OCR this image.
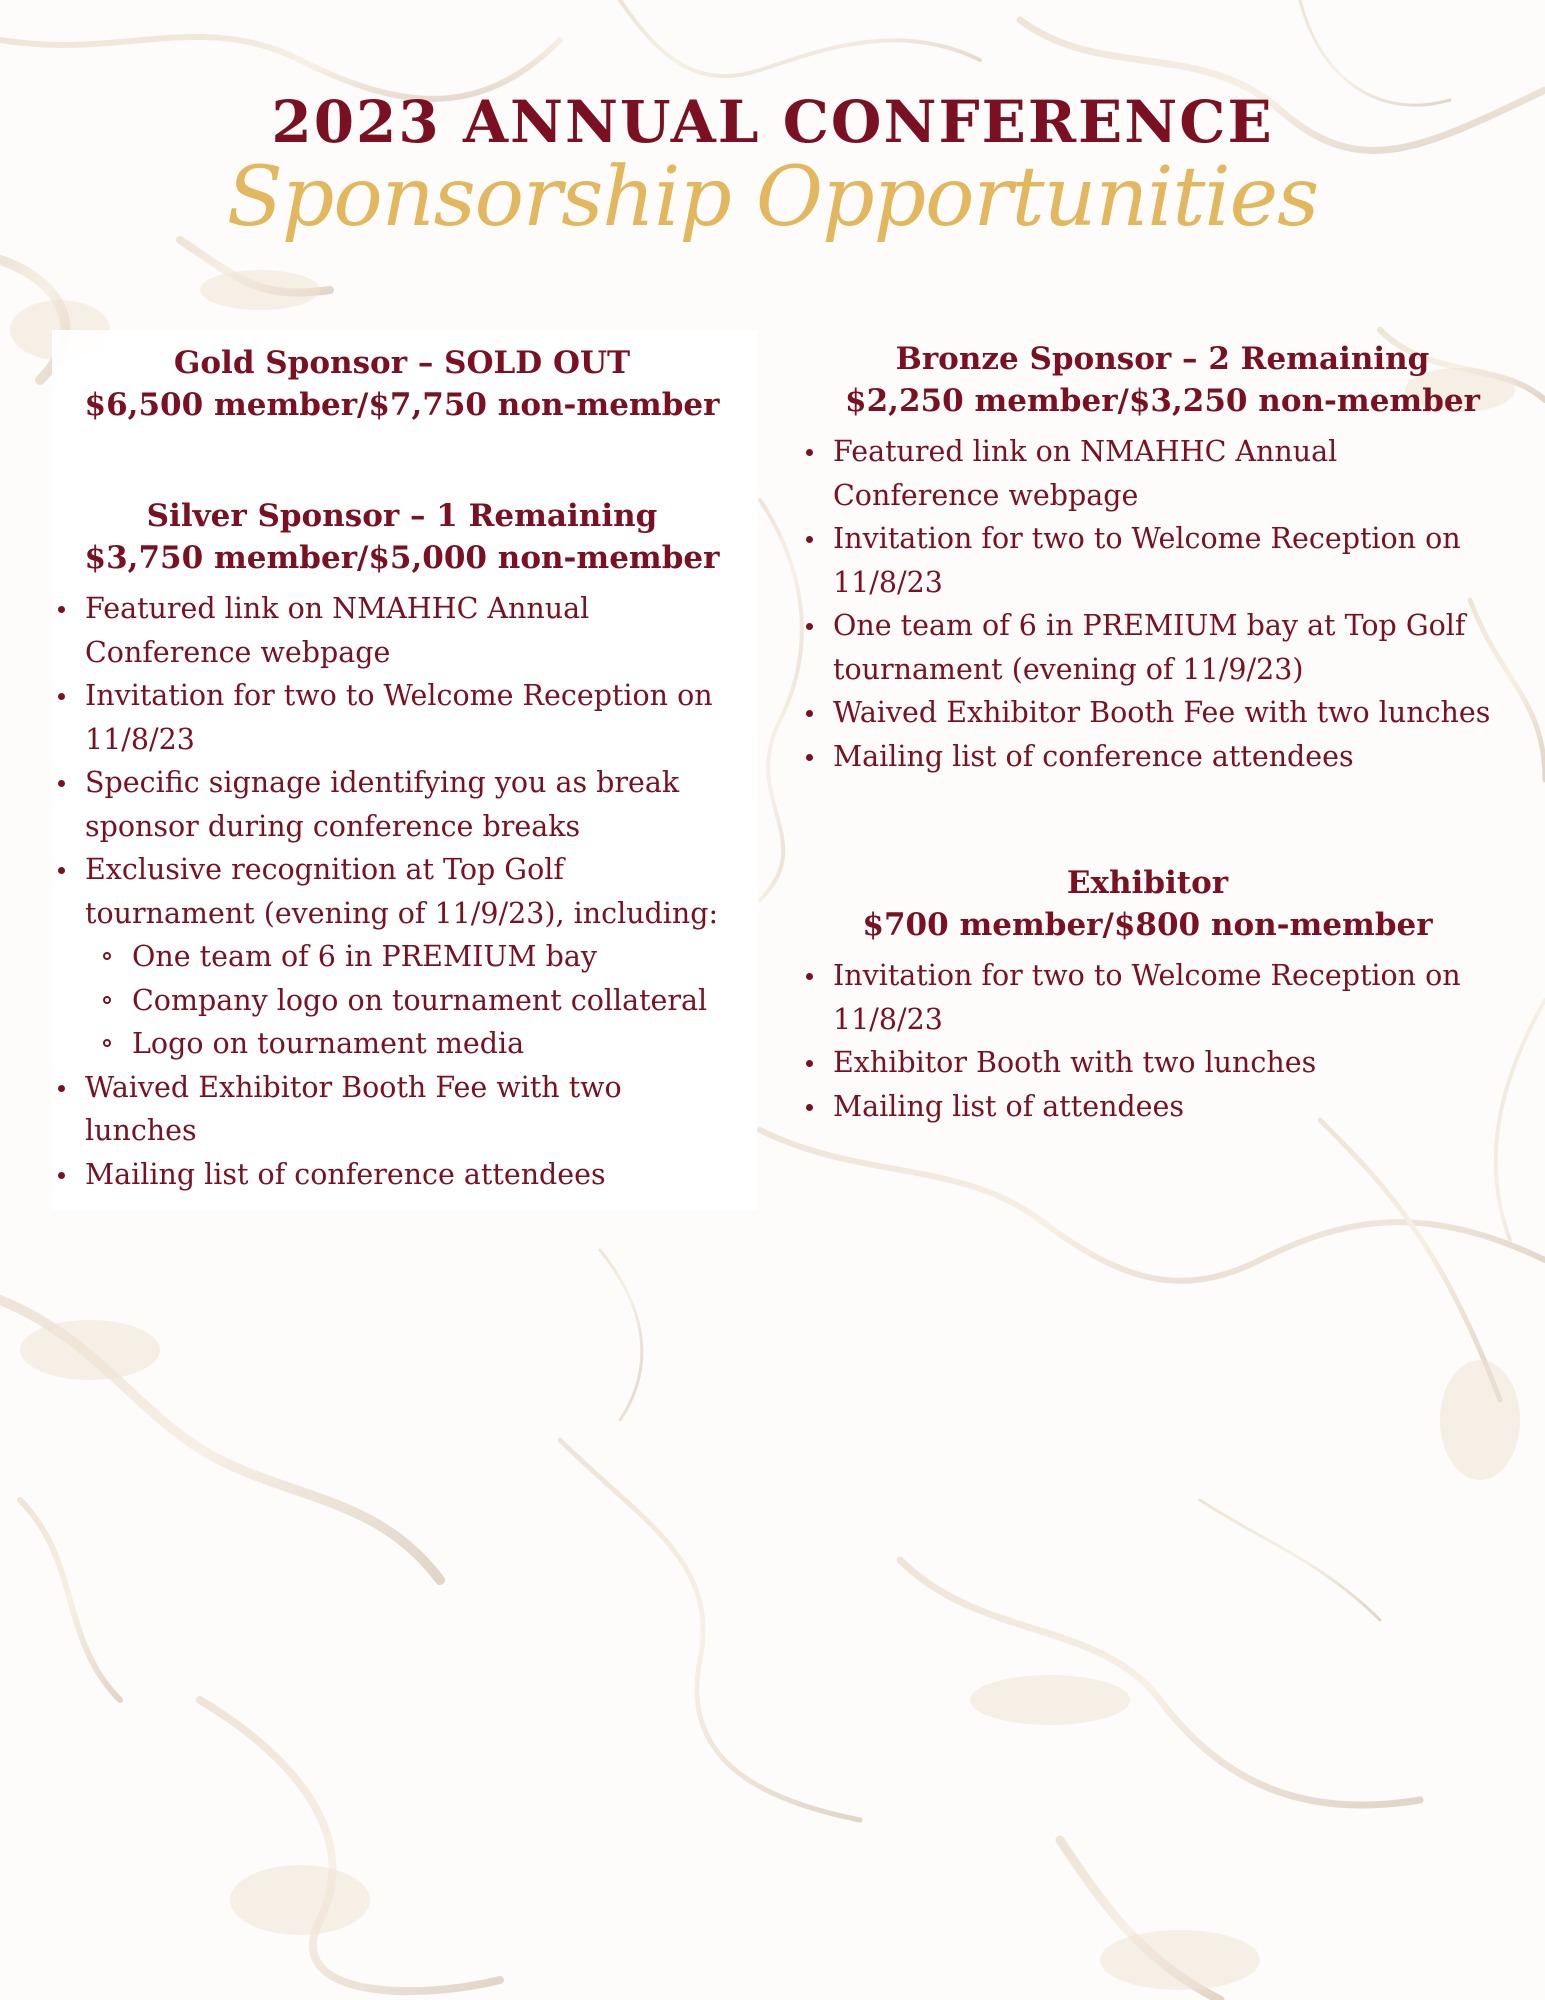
2023 ANNUAL CONFERENCE
Sponsorship Opportunities
Gold Sponsor – SOLD OUT
$6,500 member/$7,750 non-member
Silver Sponsor – 1 Remaining
$3,750 member/$5,000 non-member
Featured link on NMAHHC Annual
Conference webpage
Invitation for two to Welcome Reception on
11/8/23
Specific signage identifying you as break
sponsor during conference breaks
Exclusive recognition at Top Golf
tournament (evening of 11/9/23), including:
One team of 6 in PREMIUM bay
Company logo on tournament collateral
Logo on tournament media
Waived Exhibitor Booth Fee with two
lunches
Mailing list of conference attendees
Bronze Sponsor – 2 Remaining
$2,250 member/$3,250 non-member
Featured link on NMAHHC Annual
Conference webpage
Invitation for two to Welcome Reception on
11/8/23
One team of 6 in PREMIUM bay at Top Golf
tournament (evening of 11/9/23)
Waived Exhibitor Booth Fee with two lunches
Mailing list of conference attendees
Exhibitor
$700 member/$800 non-member
Invitation for two to Welcome Reception on
11/8/23
Exhibitor Booth with two lunches
Mailing list of attendees
